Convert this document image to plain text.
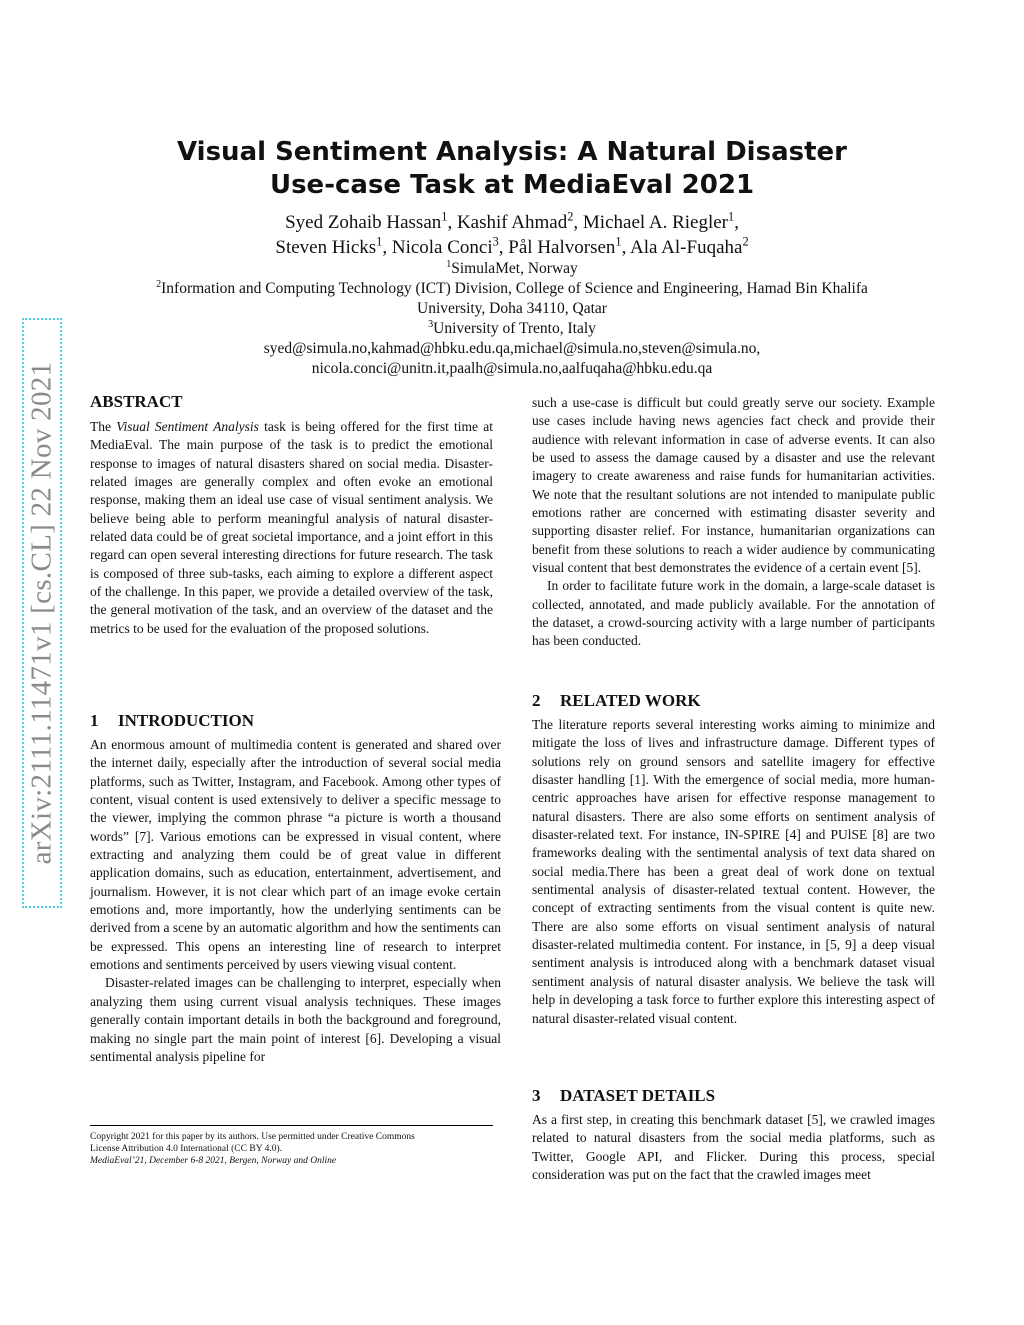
arXiv:2111.11471v1 [cs.CL] 22 Nov 2021
Visual Sentiment Analysis: A Natural Disaster
Use-case Task at MediaEval 2021
Syed Zohaib Hassan$^1$, Kashif Ahmad$^2$, Michael A. Riegler$^1$,
Steven Hicks$^1$, Nicola Conci$^3$, Pål Halvorsen$^1$, Ala Al-Fuqaha$^2$
$^1$SimulaMet, Norway
$^2$Information and Computing Technology (ICT) Division, College of Science and Engineering, Hamad Bin Khalifa
University, Doha 34110, Qatar
$^3$University of Trento, Italy
syed@simula.no,kahmad@hbku.edu.qa,michael@simula.no,steven@simula.no,
nicola.conci@unitn.it,paalh@simula.no,aalfuqaha@hbku.edu.qa
ABSTRACT

The Visual Sentiment Analysis task is being offered for the first time at MediaEval. The main purpose of the task is to predict the emotional response to images of natural disasters shared on social media. Disaster-related images are generally complex and often evoke an emotional response, making them an ideal use case of visual sentiment analysis. We believe being able to perform meaningful analysis of natural disaster-related data could be of great societal importance, and a joint effort in this regard can open several interesting directions for future research. The task is composed of three sub-tasks, each aiming to explore a different aspect of the challenge. In this paper, we provide a detailed overview of the task, the general motivation of the task, and an overview of the dataset and the metrics to be used for the evaluation of the proposed solutions.

1 INTRODUCTION

An enormous amount of multimedia content is generated and shared over the internet daily, especially after the introduction of several social media platforms, such as Twitter, Instagram, and Facebook. Among other types of content, visual content is used extensively to deliver a specific message to the viewer, implying the common phrase “a picture is worth a thousand words” [7]. Various emotions can be expressed in visual content, where extracting and analyzing them could be of great value in different application domains, such as education, entertainment, advertisement, and journalism. However, it is not clear which part of an image evoke certain emotions and, more importantly, how the underlying sentiments can be derived from a scene by an automatic algorithm and how the sentiments can be expressed. This opens an interesting line of research to interpret emotions and sentiments perceived by users viewing visual content.

Disaster-related images can be challenging to interpret, especially when analyzing them using current visual analysis techniques. These images generally contain important details in both the background and foreground, making no single part the main point of interest [6]. Developing a visual sentimental analysis pipeline for

Copyright 2021 for this paper by its authors. Use permitted under Creative Commons
License Attribution 4.0 International (CC BY 4.0).
MediaEval’21, December 6-8 2021, Bergen, Norway and Online

such a use-case is difficult but could greatly serve our society. Example use cases include having news agencies fact check and provide their audience with relevant information in case of adverse events. It can also be used to assess the damage caused by a disaster and use the relevant imagery to create awareness and raise funds for humanitarian activities. We note that the resultant solutions are not intended to manipulate public emotions rather are concerned with estimating disaster severity and supporting disaster relief. For instance, humanitarian organizations can benefit from these solutions to reach a wider audience by communicating visual content that best demonstrates the evidence of a certain event [5].

In order to facilitate future work in the domain, a large-scale dataset is collected, annotated, and made publicly available. For the annotation of the dataset, a crowd-sourcing activity with a large number of participants has been conducted.

2 RELATED WORK

The literature reports several interesting works aiming to minimize and mitigate the loss of lives and infrastructure damage. Different types of solutions rely on ground sensors and satellite imagery for effective disaster handling [1]. With the emergence of social media, more human-centric approaches have arisen for effective response management to natural disasters. There are also some efforts on sentiment analysis of disaster-related text. For instance, IN-SPIRE [4] and PUlSE [8] are two frameworks dealing with the sentimental analysis of text data shared on social media.There has been a great deal of work done on textual sentimental analysis of disaster-related textual content. However, the concept of extracting sentiments from the visual content is quite new. There are also some efforts on visual sentiment analysis of natural disaster-related multimedia content. For instance, in [5, 9] a deep visual sentiment analysis is introduced along with a benchmark dataset visual sentiment analysis of natural disaster analysis. We believe the task will help in developing a task force to further explore this interesting aspect of natural disaster-related visual content.

3 DATASET DETAILS

As a first step, in creating this benchmark dataset [5], we crawled images related to natural disasters from the social media platforms, such as Twitter, Google API, and Flicker. During this process, special consideration was put on the fact that the crawled images meet
